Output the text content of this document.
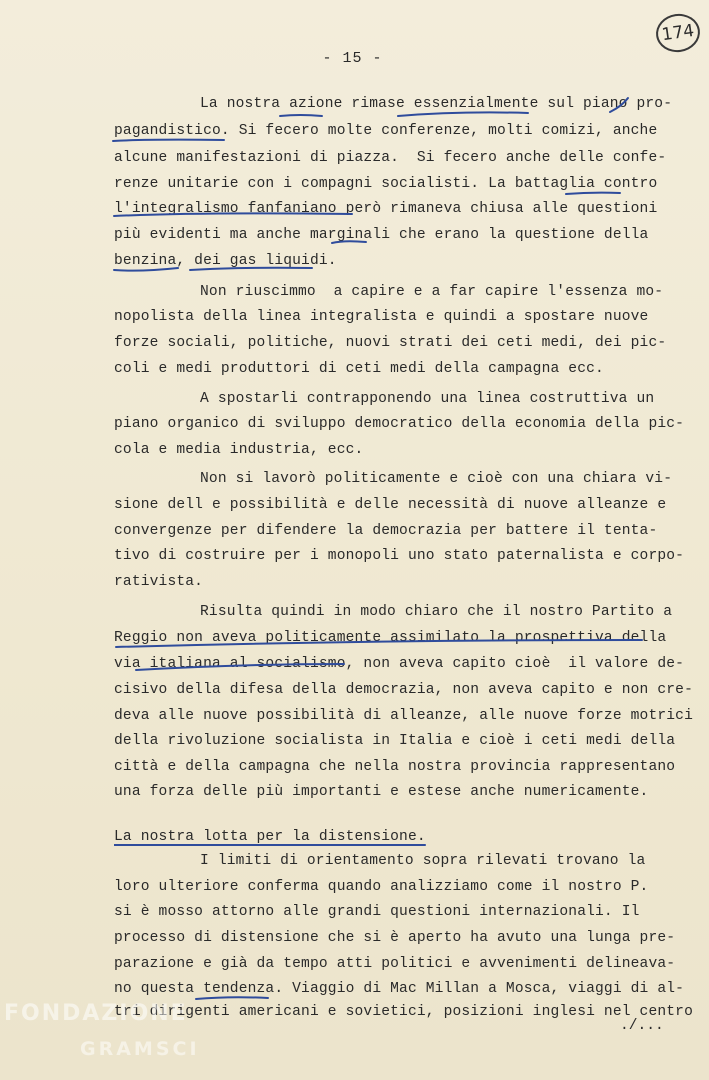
174
- 15 -
La nostra azione rimase essenzialmente sul piano pro-
pagandistico. Si fecero molte conferenze, molti comizi, anche
alcune manifestazioni di piazza.  Si fecero anche delle confe-
renze unitarie con i compagni socialisti. La battaglia contro
l'integralismo fanfaniano però rimaneva chiusa alle questioni
più evidenti ma anche marginali che erano la questione della
benzina, dei gas liquidi.
Non riuscimmo  a capire e a far capire l'essenza mo-
nopolista della linea integralista e quindi a spostare nuove
forze sociali, politiche, nuovi strati dei ceti medi, dei pic-
coli e medi produttori di ceti medi della campagna ecc.
A spostarli contrapponendo una linea costruttiva un
piano organico di sviluppo democratico della economia della pic-
cola e media industria, ecc.
Non si lavorò politicamente e cioè con una chiara vi-
sione dell e possibilità e delle necessità di nuove alleanze e
convergenze per difendere la democrazia per battere il tenta-
tivo di costruire per i monopoli uno stato paternalista e corpo-
rativista.
Risulta quindi in modo chiaro che il nostro Partito a
Reggio non aveva politicamente assimilato la prospettiva della
via italiana al socialismo, non aveva capito cioè  il valore de-
cisivo della difesa della democrazia, non aveva capito e non cre-
deva alle nuove possibilità di alleanze, alle nuove forze motrici
della rivoluzione socialista in Italia e cioè i ceti medi della
città e della campagna che nella nostra provincia rappresentano
una forza delle più importanti e estese anche numericamente.
La nostra lotta per la distensione.
I limiti di orientamento sopra rilevati trovano la
loro ulteriore conferma quando analizziamo come il nostro P.
si è mosso attorno alle grandi questioni internazionali. Il
processo di distensione che si è aperto ha avuto una lunga pre-
parazione e già da tempo atti politici e avvenimenti delineava-
no questa tendenza. Viaggio di Mac Millan a Mosca, viaggi di al-
tri dirigenti americani e sovietici, posizioni inglesi nel centro
./...
FONDAZIONE
GRAMSCI
